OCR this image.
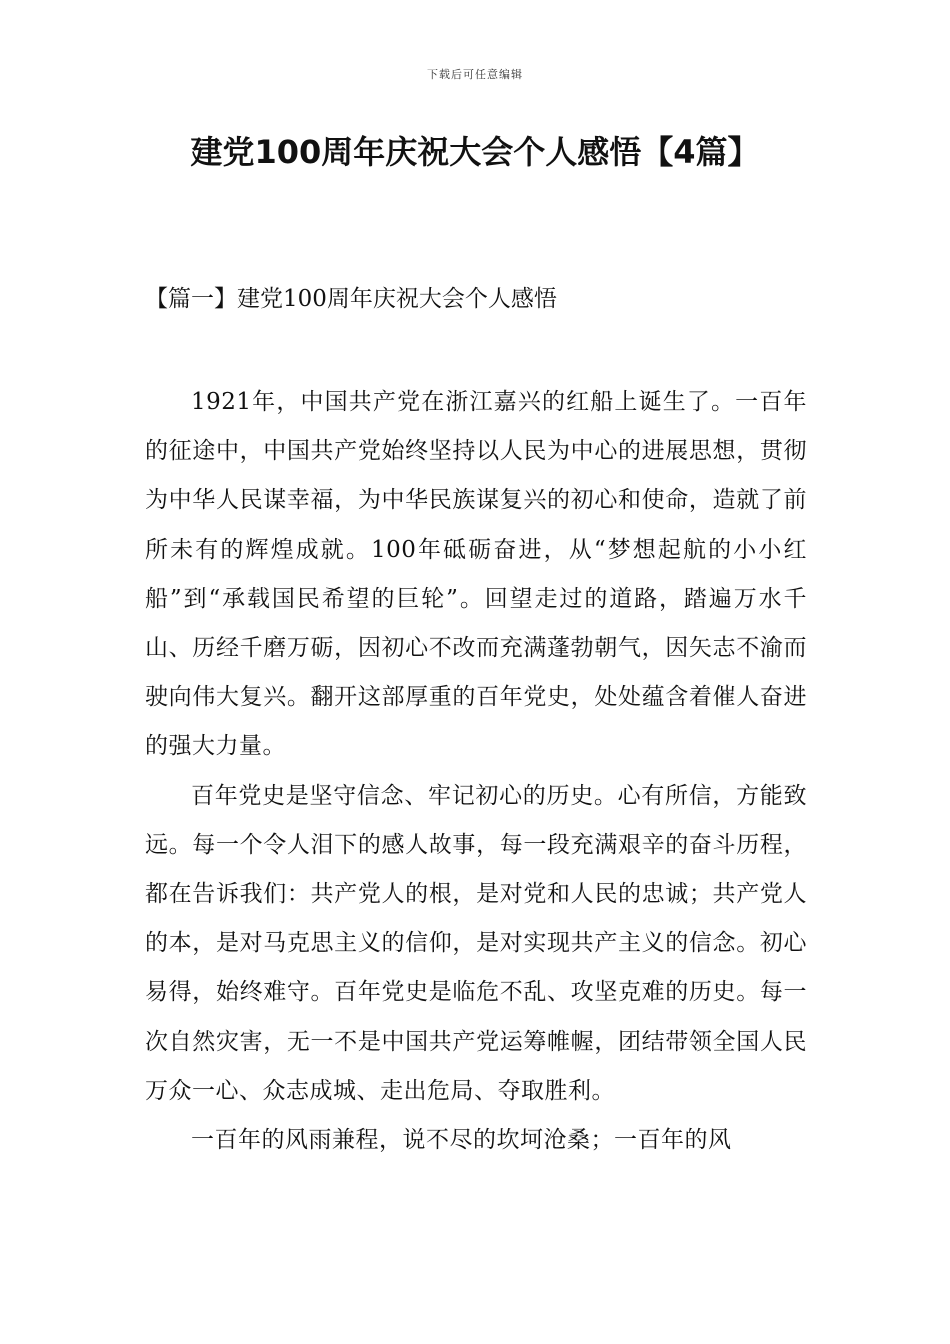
下载后可任意编辑
建党100周年庆祝大会个人感悟【4篇】
【篇一】建党100周年庆祝大会个人感悟

1921年，中国共产党在浙江嘉兴的红船上诞生了。一百年的征途中，中国共产党始终坚持以人民为中心的进展思想，贯彻为中华人民谋幸福，为中华民族谋复兴的初心和使命，造就了前所未有的辉煌成就。100年砥砺奋进，从“梦想起航的小小红船”到“承载国民希望的巨轮”。回望走过的道路，踏遍万水千山、历经千磨万砺，因初心不改而充满蓬勃朝气，因矢志不渝而驶向伟大复兴。翻开这部厚重的百年党史，处处蕴含着催人奋进的强大力量。

百年党史是坚守信念、牢记初心的历史。心有所信，方能致远。每一个令人泪下的感人故事，每一段充满艰辛的奋斗历程，都在告诉我们：共产党人的根，是对党和人民的忠诚；共产党人的本，是对马克思主义的信仰，是对实现共产主义的信念。初心易得，始终难守。百年党史是临危不乱、攻坚克难的历史。每一次自然灾害，无一不是中国共产党运筹帷幄，团结带领全国人民万众一心、众志成城、走出危局、夺取胜利。

一百年的风雨兼程，说不尽的坎坷沧桑；一百年的风
